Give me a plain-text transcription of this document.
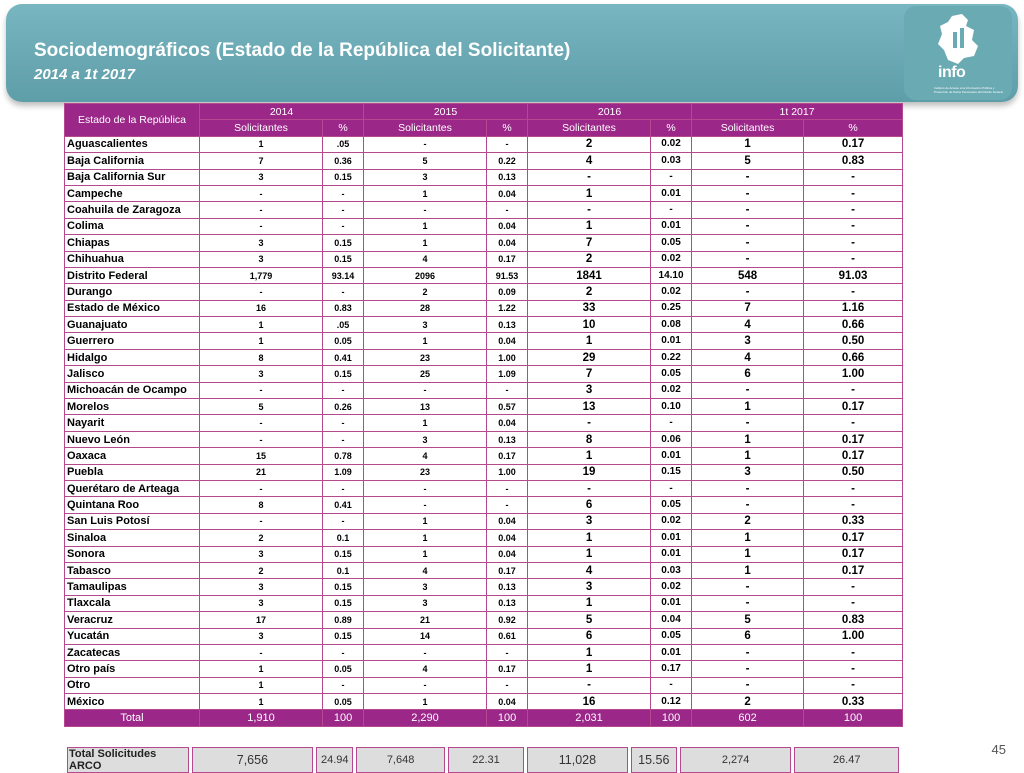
Sociodemográficos (Estado de la República del Solicitante)
2014 a 1t 2017	info
Instituto de Acceso a la Información Pública y Protección de Datos Personales del Distrito Federal
Estado de la República	2014		2015		2016		1t 2017	
	Solicitantes	%	Solicitantes	%	Solicitantes	%	Solicitantes	%
Aguascalientes	1	.05	-	-	2	0.02	1	0.17
Baja California	7	0.36	5	0.22	4	0.03	5	0.83
Baja California Sur	3	0.15	3	0.13	-	-	-	-
Campeche	-	-	1	0.04	1	0.01	-	-
Coahuila de Zaragoza	-	-	-	-	-	-	-	-
Colima	-	-	1	0.04	1	0.01	-	-
Chiapas	3	0.15	1	0.04	7	0.05	-	-
Chihuahua	3	0.15	4	0.17	2	0.02	-	-
Distrito Federal	1,779	93.14	2096	91.53	1841	14.10	548	91.03
Durango	-	-	2	0.09	2	0.02	-	-
Estado de México	16	0.83	28	1.22	33	0.25	7	1.16
Guanajuato	1	.05	3	0.13	10	0.08	4	0.66
Guerrero	1	0.05	1	0.04	1	0.01	3	0.50
Hidalgo	8	0.41	23	1.00	29	0.22	4	0.66
Jalisco	3	0.15	25	1.09	7	0.05	6	1.00
Michoacán de Ocampo	-	-	-	-	3	0.02	-	-
Morelos	5	0.26	13	0.57	13	0.10	1	0.17
Nayarit	-	-	1	0.04	-	-	-	-
Nuevo León	-	-	3	0.13	8	0.06	1	0.17
Oaxaca	15	0.78	4	0.17	1	0.01	1	0.17
Puebla	21	1.09	23	1.00	19	0.15	3	0.50
Querétaro de Arteaga	-	-	-	-	-	-	-	-
Quintana Roo	8	0.41	-	-	6	0.05	-	-
San Luis Potosí	-	-	1	0.04	3	0.02	2	0.33
Sinaloa	2	0.1	1	0.04	1	0.01	1	0.17
Sonora	3	0.15	1	0.04	1	0.01	1	0.17
Tabasco	2	0.1	4	0.17	4	0.03	1	0.17
Tamaulipas	3	0.15	3	0.13	3	0.02	-	-
Tlaxcala	3	0.15	3	0.13	1	0.01	-	-
Veracruz	17	0.89	21	0.92	5	0.04	5	0.83
Yucatán	3	0.15	14	0.61	6	0.05	6	1.00
Zacatecas	-	-	-	-	1	0.01	-	-
Otro país	1	0.05	4	0.17	1	0.17	-	-
Otro	1	-	-	-	-	-	-	-
México	1	0.05	1	0.04	16	0.12	2	0.33
Total	1,910	100	2,290	100	2,031	100	602	100
Total Solicitudes ARCO	7,656	24.94	7,648	22.31	11,028	15.56	2,274	26.47
45
